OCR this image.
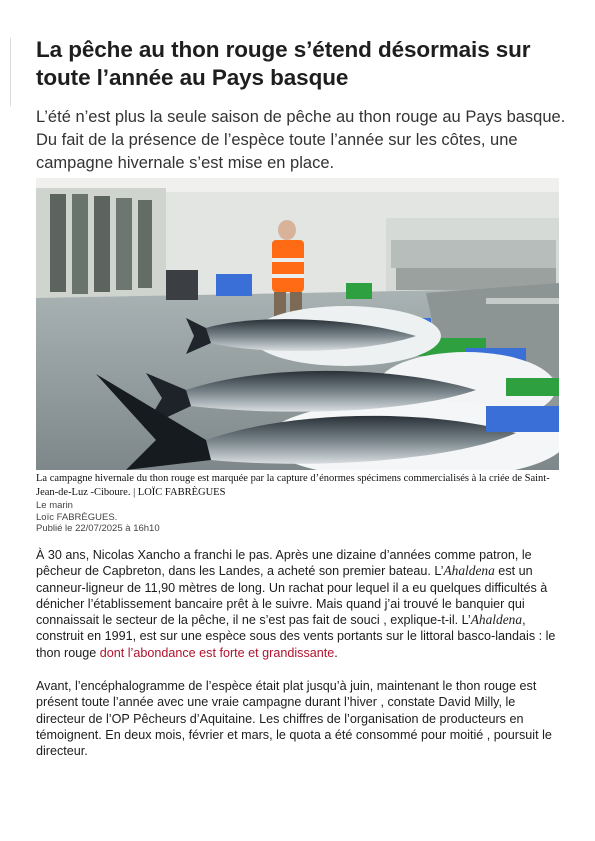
La pêche au thon rouge s’étend désormais sur toute l’année au Pays basque

L’été n’est plus la seule saison de pêche au thon rouge au Pays basque. Du fait de la présence de l’espèce toute l’année sur les côtes, une campagne hivernale s’est mise en place.

La campagne hivernale du thon rouge est marquée par la capture d’énormes spécimens commercialisés à la criée de Saint-Jean-de-Luz -Ciboure. | LOÏC FABRÈGUES

Le marin
Loïc FABRÈGUES.
Publié le 22/07/2025 à 16h10

À 30 ans, Nicolas Xancho a franchi le pas. Après une dizaine d’années comme patron, le pêcheur de Capbreton, dans les Landes, a acheté son premier bateau. L’Ahaldena est un canneur-ligneur de 11,90 mètres de long. Un rachat pour lequel il a eu quelques difficultés à dénicher l’établissement bancaire prêt à le suivre. Mais quand j’ai trouvé le banquier qui connaissait le secteur de la pêche, il ne s’est pas fait de souci , explique-t-il. L’Ahaldena, construit en 1991, est sur une espèce sous des vents portants sur le littoral basco-landais : le thon rouge dont l’abondance est forte et grandissante.

Avant, l’encéphalogramme de l’espèce était plat jusqu’à juin, maintenant le thon rouge est présent toute l’année avec une vraie campagne durant l’hiver , constate David Milly, le directeur de l’OP Pêcheurs d’Aquitaine. Les chiffres de l’organisation de producteurs en témoignent. En deux mois, février et mars, le quota a été consommé pour moitié , poursuit le directeur.
